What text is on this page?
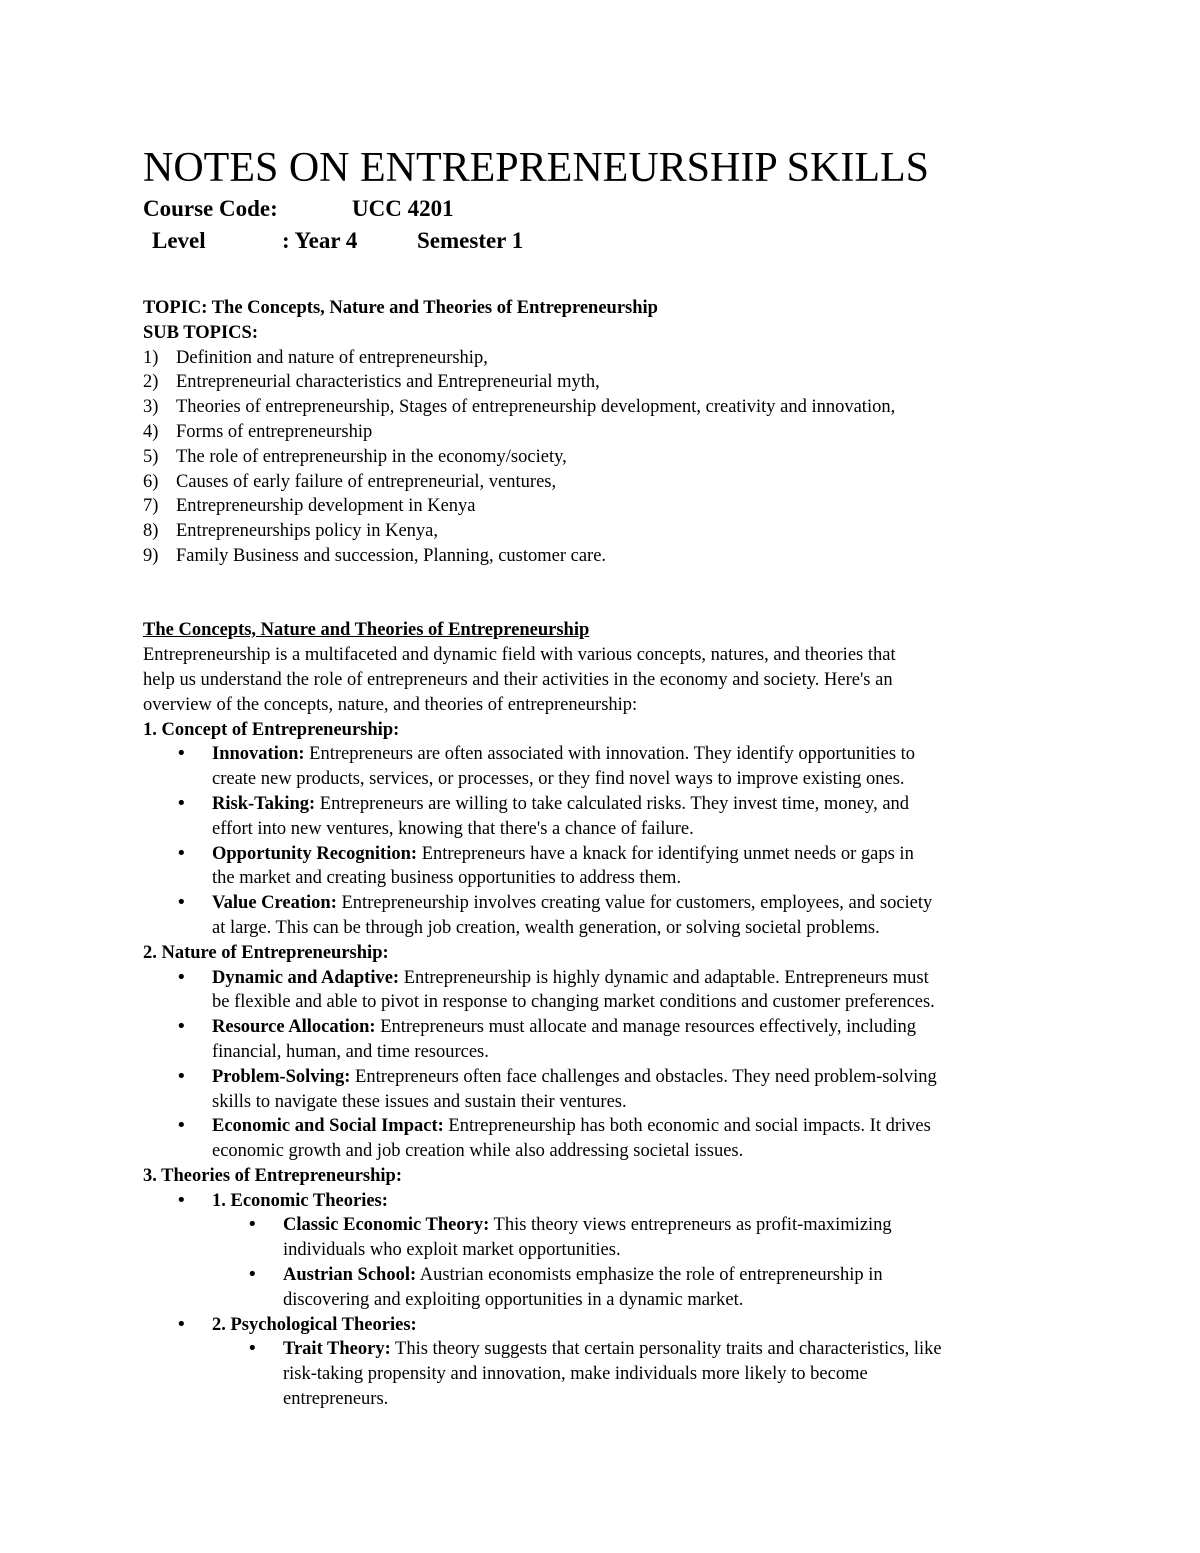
NOTES ON ENTREPRENEURSHIP SKILLS
Course Code:	UCC 4201
Level	: Year 4	Semester 1
TOPIC: The Concepts, Nature and Theories of Entrepreneurship
SUB TOPICS:
1) Definition and nature of entrepreneurship,
2) Entrepreneurial characteristics and Entrepreneurial myth,
3) Theories of entrepreneurship, Stages of entrepreneurship development, creativity and innovation,
4) Forms of entrepreneurship
5) The role of entrepreneurship in the economy/society,
6) Causes of early failure of entrepreneurial, ventures,
7) Entrepreneurship development in Kenya
8) Entrepreneurships policy in Kenya,
9) Family Business and succession, Planning, customer care.
The Concepts, Nature and Theories of Entrepreneurship
Entrepreneurship is a multifaceted and dynamic field with various concepts, natures, and theories that
help us understand the role of entrepreneurs and their activities in the economy and society. Here's an
overview of the concepts, nature, and theories of entrepreneurship:
1. Concept of Entrepreneurship:
• Innovation: Entrepreneurs are often associated with innovation. They identify opportunities to
create new products, services, or processes, or they find novel ways to improve existing ones.
• Risk-Taking: Entrepreneurs are willing to take calculated risks. They invest time, money, and
effort into new ventures, knowing that there's a chance of failure.
• Opportunity Recognition: Entrepreneurs have a knack for identifying unmet needs or gaps in
the market and creating business opportunities to address them.
• Value Creation: Entrepreneurship involves creating value for customers, employees, and society
at large. This can be through job creation, wealth generation, or solving societal problems.
2. Nature of Entrepreneurship:
• Dynamic and Adaptive: Entrepreneurship is highly dynamic and adaptable. Entrepreneurs must
be flexible and able to pivot in response to changing market conditions and customer preferences.
• Resource Allocation: Entrepreneurs must allocate and manage resources effectively, including
financial, human, and time resources.
• Problem-Solving: Entrepreneurs often face challenges and obstacles. They need problem-solving
skills to navigate these issues and sustain their ventures.
• Economic and Social Impact: Entrepreneurship has both economic and social impacts. It drives
economic growth and job creation while also addressing societal issues.
3. Theories of Entrepreneurship:
• 1. Economic Theories:
• Classic Economic Theory: This theory views entrepreneurs as profit-maximizing
individuals who exploit market opportunities.
• Austrian School: Austrian economists emphasize the role of entrepreneurship in
discovering and exploiting opportunities in a dynamic market.
• 2. Psychological Theories:
• Trait Theory: This theory suggests that certain personality traits and characteristics, like
risk-taking propensity and innovation, make individuals more likely to become
entrepreneurs.
